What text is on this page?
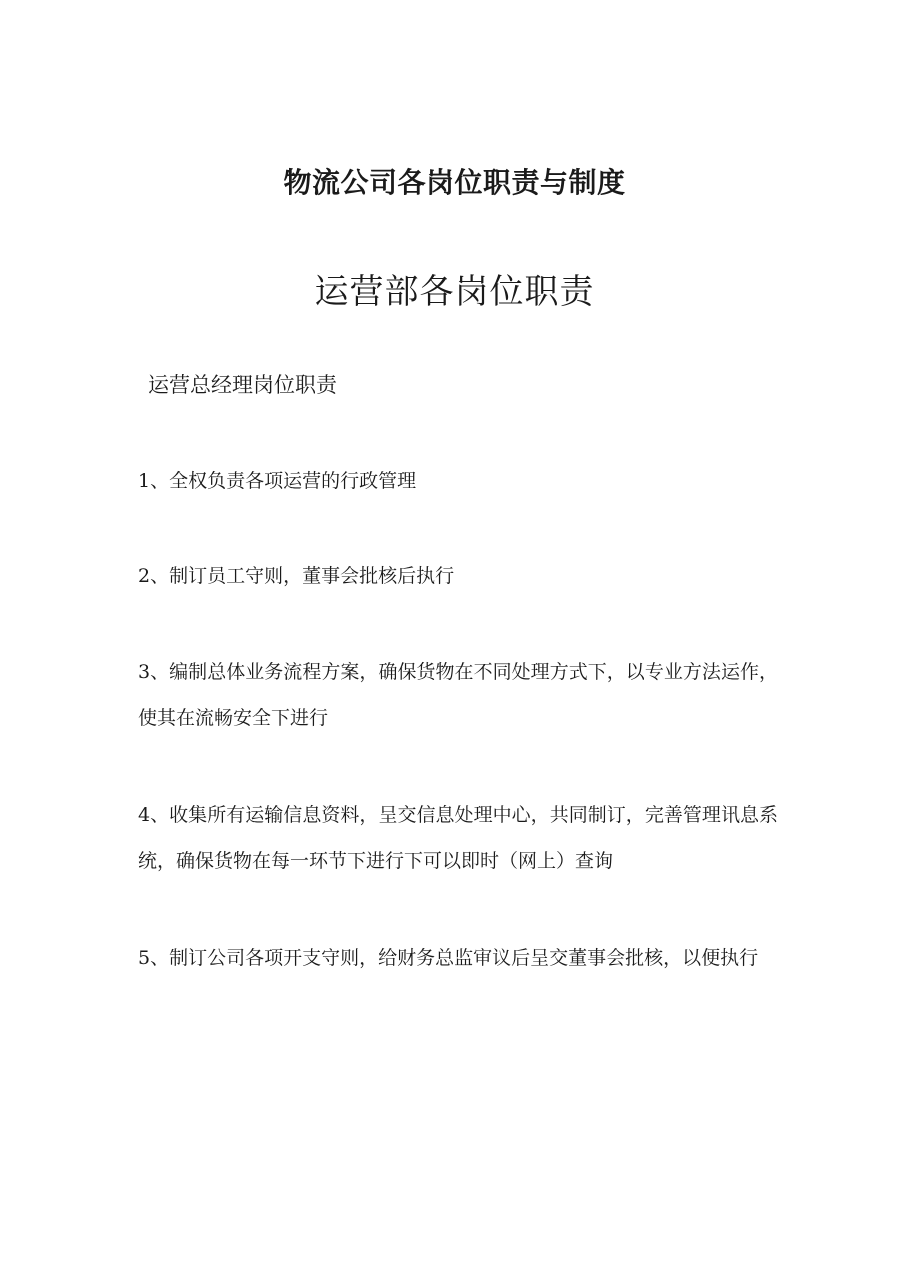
物流公司各岗位职责与制度
运营部各岗位职责
运营总经理岗位职责
1、全权负责各项运营的行政管理
2、制订员工守则，董事会批核后执行
3、编制总体业务流程方案，确保货物在不同处理方式下，以专业方法运作，使其在流畅安全下进行
4、收集所有运输信息资料，呈交信息处理中心，共同制订，完善管理讯息系统，确保货物在每一环节下进行下可以即时（网上）查询
5、制订公司各项开支守则，给财务总监审议后呈交董事会批核，以便执行
